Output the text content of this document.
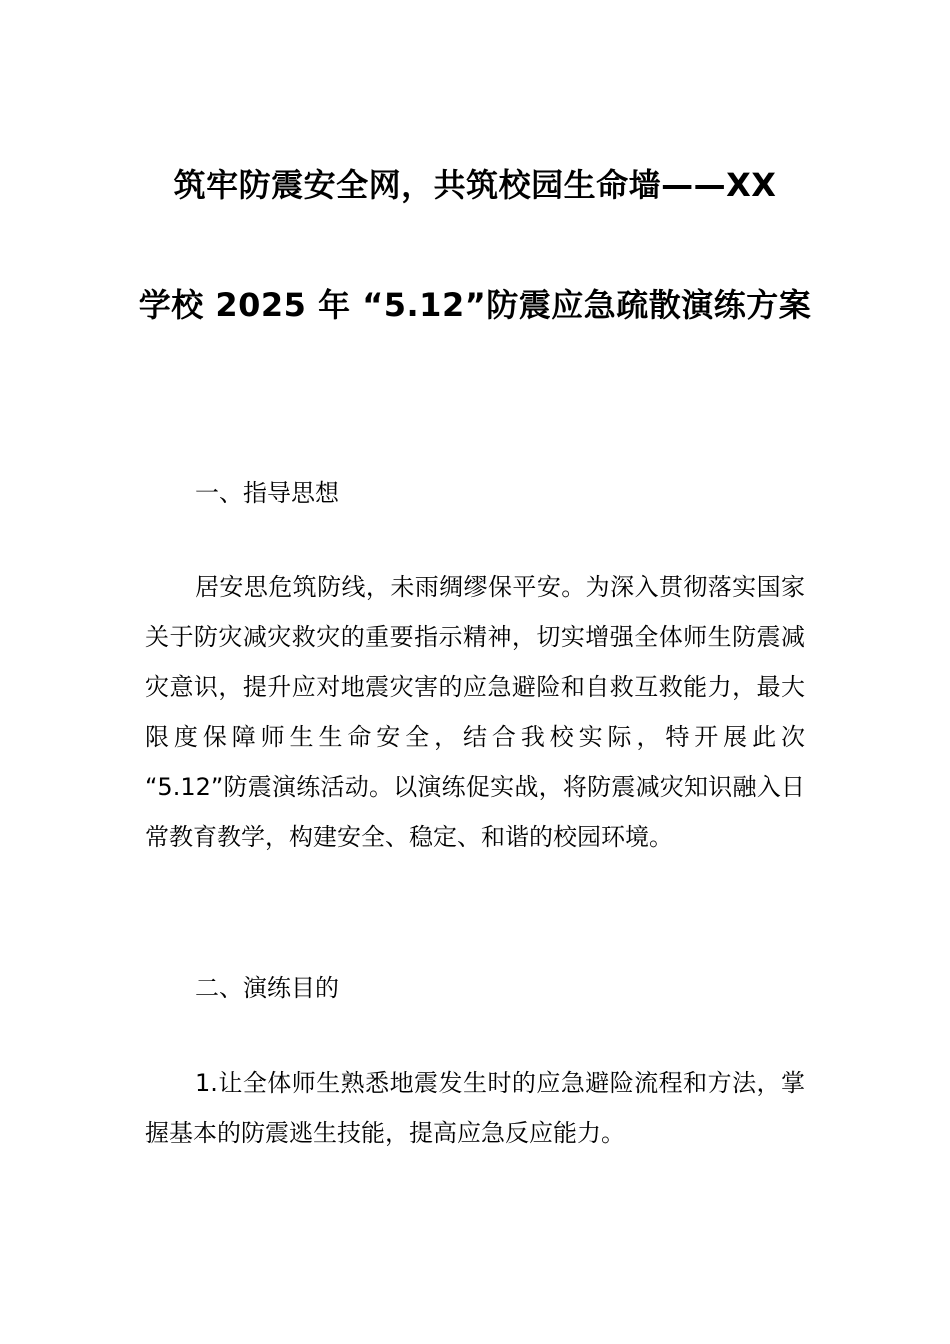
筑牢防震安全网，共筑校园生命墙——XX
学校 2025 年 “5.12”防震应急疏散演练方案
一、指导思想
居安思危筑防线，未雨绸缪保平安。为深入贯彻落实国家关于防灾减灾救灾的重要指示精神，切实增强全体师生防震减灾意识，提升应对地震灾害的应急避险和自救互救能力，最大限度保障师生生命安全，结合我校实际，特开展此次 “5.12”防震演练活动。以演练促实战，将防震减灾知识融入日常教育教学，构建安全、稳定、和谐的校园环境。
二、演练目的
1.让全体师生熟悉地震发生时的应急避险流程和方法，掌握基本的防震逃生技能，提高应急反应能力。
